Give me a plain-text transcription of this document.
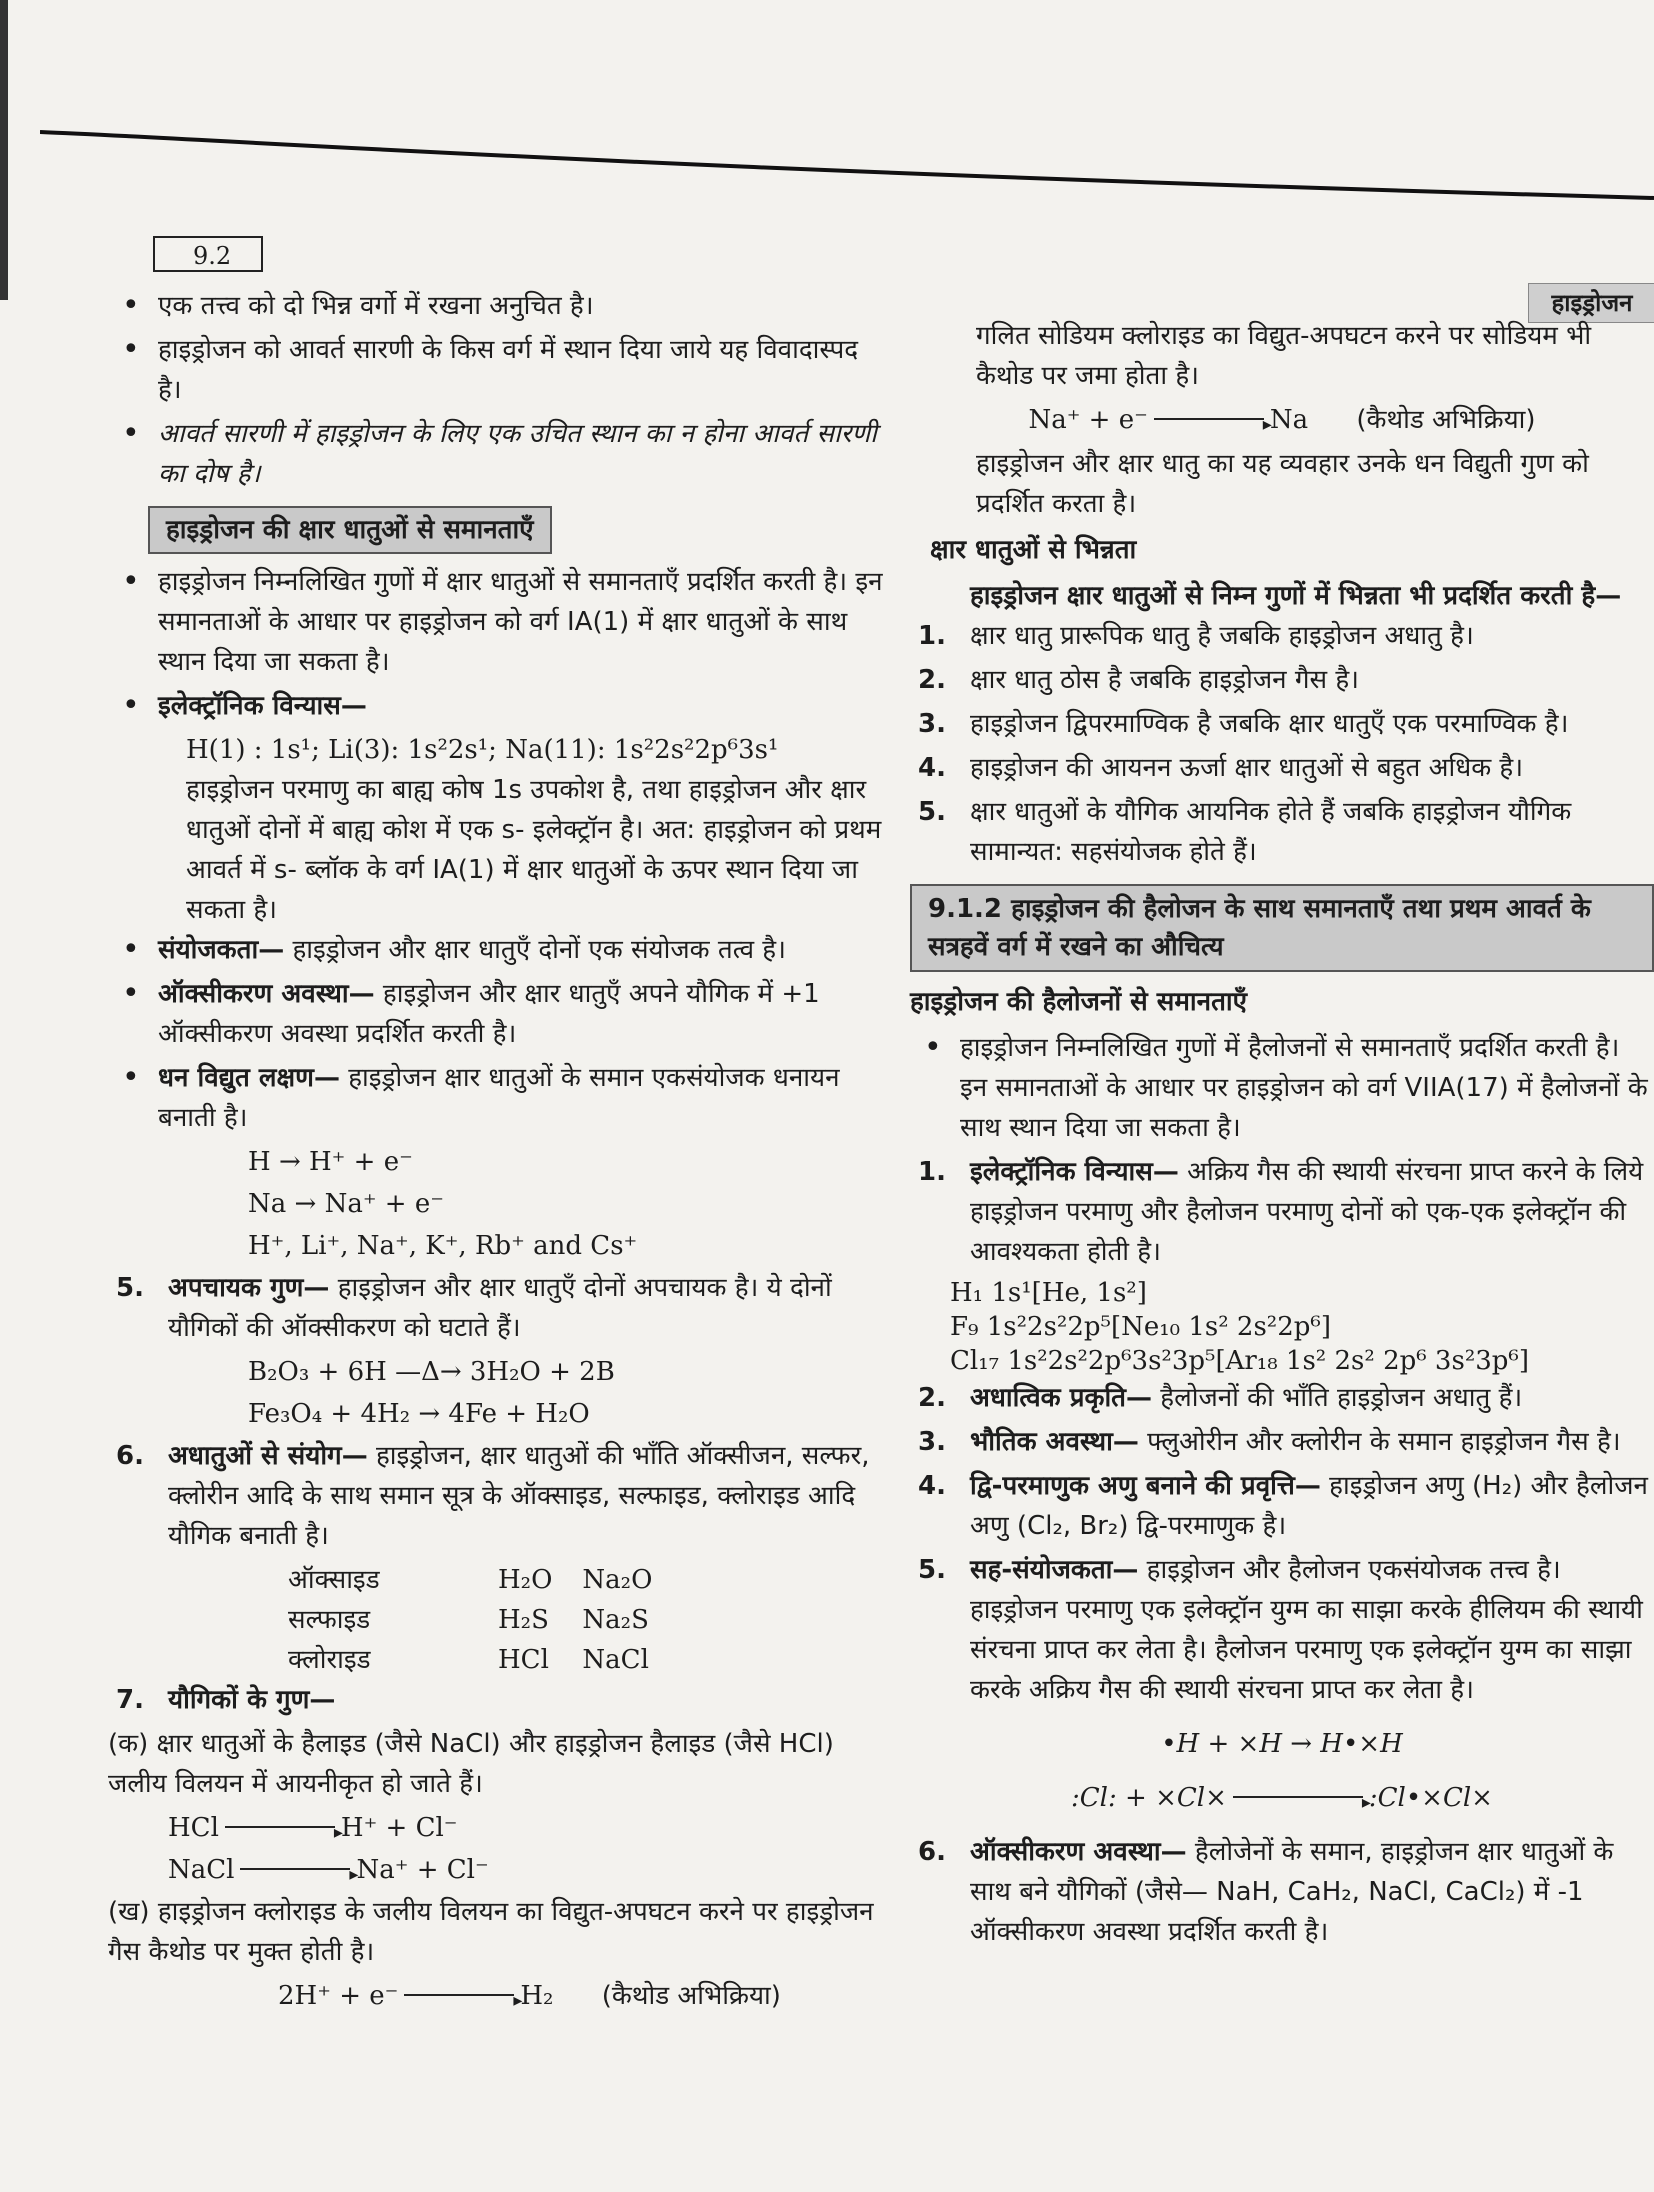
9.2
हाइड्रोजन
• एक तत्त्व को दो भिन्न वर्गो में रखना अनुचित है।
• हाइड्रोजन को आवर्त सारणी के किस वर्ग में स्थान दिया जाये यह विवादास्पद है।
• आवर्त सारणी में हाइड्रोजन के लिए एक उचित स्थान का न होना आवर्त सारणी का दोष है।
हाइड्रोजन की क्षार धातुओं से समानताएँ
• हाइड्रोजन निम्नलिखित गुणों में क्षार धातुओं से समानताएँ प्रदर्शित करती है। इन समानताओं के आधार पर हाइड्रोजन को वर्ग IA(1) में क्षार धातुओं के साथ स्थान दिया जा सकता है।
• इलेक्ट्रॉनिक विन्यास—
H(1) : 1s¹; Li(3): 1s²2s¹; Na(11): 1s²2s²2p⁶3s¹
हाइड्रोजन परमाणु का बाह्य कोष 1s उपकोश है, तथा हाइड्रोजन और क्षार धातुओं दोनों में बाह्य कोश में एक s- इलेक्ट्रॉन है। अत: हाइड्रोजन को प्रथम आवर्त में s- ब्लॉक के वर्ग IA(1) में क्षार धातुओं के ऊपर स्थान दिया जा सकता है।
• संयोजकता— हाइड्रोजन और क्षार धातुएँ दोनों एक संयोजक तत्व है।
• ऑक्सीकरण अवस्था— हाइड्रोजन और क्षार धातुएँ अपने यौगिक में +1 ऑक्सीकरण अवस्था प्रदर्शित करती है।
• धन विद्युत लक्षण— हाइड्रोजन क्षार धातुओं के समान एकसंयोजक धनायन बनाती है।
H → H⁺ + e⁻
Na → Na⁺ + e⁻
H⁺, Li⁺, Na⁺, K⁺, Rb⁺ and Cs⁺
5. अपचायक गुण— हाइड्रोजन और क्षार धातुएँ दोनों अपचायक है। ये दोनों यौगिकों की ऑक्सीकरण को घटाते हैं।
B₂O₃ + 6H —Δ→ 3H₂O + 2B
Fe₃O₄ + 4H₂ → 4Fe + H₂O
6. अधातुओं से संयोग— हाइड्रोजन, क्षार धातुओं की भाँति ऑक्सीजन, सल्फर, क्लोरीन आदि के साथ समान सूत्र के ऑक्साइड, सल्फाइड, क्लोराइड आदि यौगिक बनाती है।
ऑक्साइड	H₂O	Na₂O
सल्फाइड	H₂S	Na₂S
क्लोराइड	HCl	NaCl
7. यौगिकों के गुण—
(क) क्षार धातुओं के हैलाइड (जैसे NaCl) और हाइड्रोजन हैलाइड (जैसे HCl) जलीय विलयन में आयनीकृत हो जाते हैं।
HCl ▸	H⁺ + Cl⁻
NaCl ▸	Na⁺ + Cl⁻
(ख) हाइड्रोजन क्लोराइड के जलीय विलयन का विद्युत-अपघटन करने पर हाइड्रोजन गैस कैथोड पर मुक्त होती है।
2H⁺ + e⁻ ▸	H₂ (कैथोड अभिक्रिया)
गलित सोडियम क्लोराइड का विद्युत-अपघटन करने पर सोडियम भी कैथोड पर जमा होता है।
Na⁺ + e⁻ ▸	Na (कैथोड अभिक्रिया)
हाइड्रोजन और क्षार धातु का यह व्यवहार उनके धन विद्युती गुण को प्रदर्शित करता है।
क्षार धातुओं से भिन्नता
हाइड्रोजन क्षार धातुओं से निम्न गुणों में भिन्नता भी प्रदर्शित करती है—
1. क्षार धातु प्रारूपिक धातु है जबकि हाइड्रोजन अधातु है।
2. क्षार धातु ठोस है जबकि हाइड्रोजन गैस है।
3. हाइड्रोजन द्विपरमाण्विक है जबकि क्षार धातुएँ एक परमाण्विक है।
4. हाइड्रोजन की आयनन ऊर्जा क्षार धातुओं से बहुत अधिक है।
5. क्षार धातुओं के यौगिक आयनिक होते हैं जबकि हाइड्रोजन यौगिक सामान्यत: सहसंयोजक होते हैं।
9.1.2 हाइड्रोजन की हैलोजन के साथ समानताएँ तथा प्रथम आवर्त के सत्रहवें वर्ग में रखने का औचित्य
हाइड्रोजन की हैलोजनों से समानताएँ
• हाइड्रोजन निम्नलिखित गुणों में हैलोजनों से समानताएँ प्रदर्शित करती है। इन समानताओं के आधार पर हाइड्रोजन को वर्ग VIIA(17) में हैलोजनों के साथ स्थान दिया जा सकता है।
1. इलेक्ट्रॉनिक विन्यास— अक्रिय गैस की स्थायी संरचना प्राप्त करने के लिये हाइड्रोजन परमाणु और हैलोजन परमाणु दोनों को एक-एक इलेक्ट्रॉन की आवश्यकता होती है।
H₁ 1s¹[He, 1s²]
F₉ 1s²2s²2p⁵[Ne₁₀ 1s² 2s²2p⁶]
Cl₁₇ 1s²2s²2p⁶3s²3p⁵[Ar₁₈ 1s² 2s² 2p⁶ 3s²3p⁶]
2. अधात्विक प्रकृति— हैलोजनों की भाँति हाइड्रोजन अधातु हैं।
3. भौतिक अवस्था— फ्लुओरीन और क्लोरीन के समान हाइड्रोजन गैस है।
4. द्वि-परमाणुक अणु बनाने की प्रवृत्ति— हाइड्रोजन अणु (H₂) और हैलोजन अणु (Cl₂, Br₂) द्वि-परमाणुक है।
5. सह-संयोजकता— हाइड्रोजन और हैलोजन एकसंयोजक तत्त्व है। हाइड्रोजन परमाणु एक इलेक्ट्रॉन युग्म का साझा करके हीलियम की स्थायी संरचना प्राप्त कर लेता है। हैलोजन परमाणु एक इलेक्ट्रॉन युग्म का साझा करके अक्रिय गैस की स्थायी संरचना प्राप्त कर लेता है।
•H + ×H → H•×H
:Cl: + ×Cl× ▸	:Cl•×Cl×
6. ऑक्सीकरण अवस्था— हैलोजेनों के समान, हाइड्रोजन क्षार धातुओं के साथ बने यौगिकों (जैसे— NaH, CaH₂, NaCl, CaCl₂) में -1 ऑक्सीकरण अवस्था प्रदर्शित करती है।
